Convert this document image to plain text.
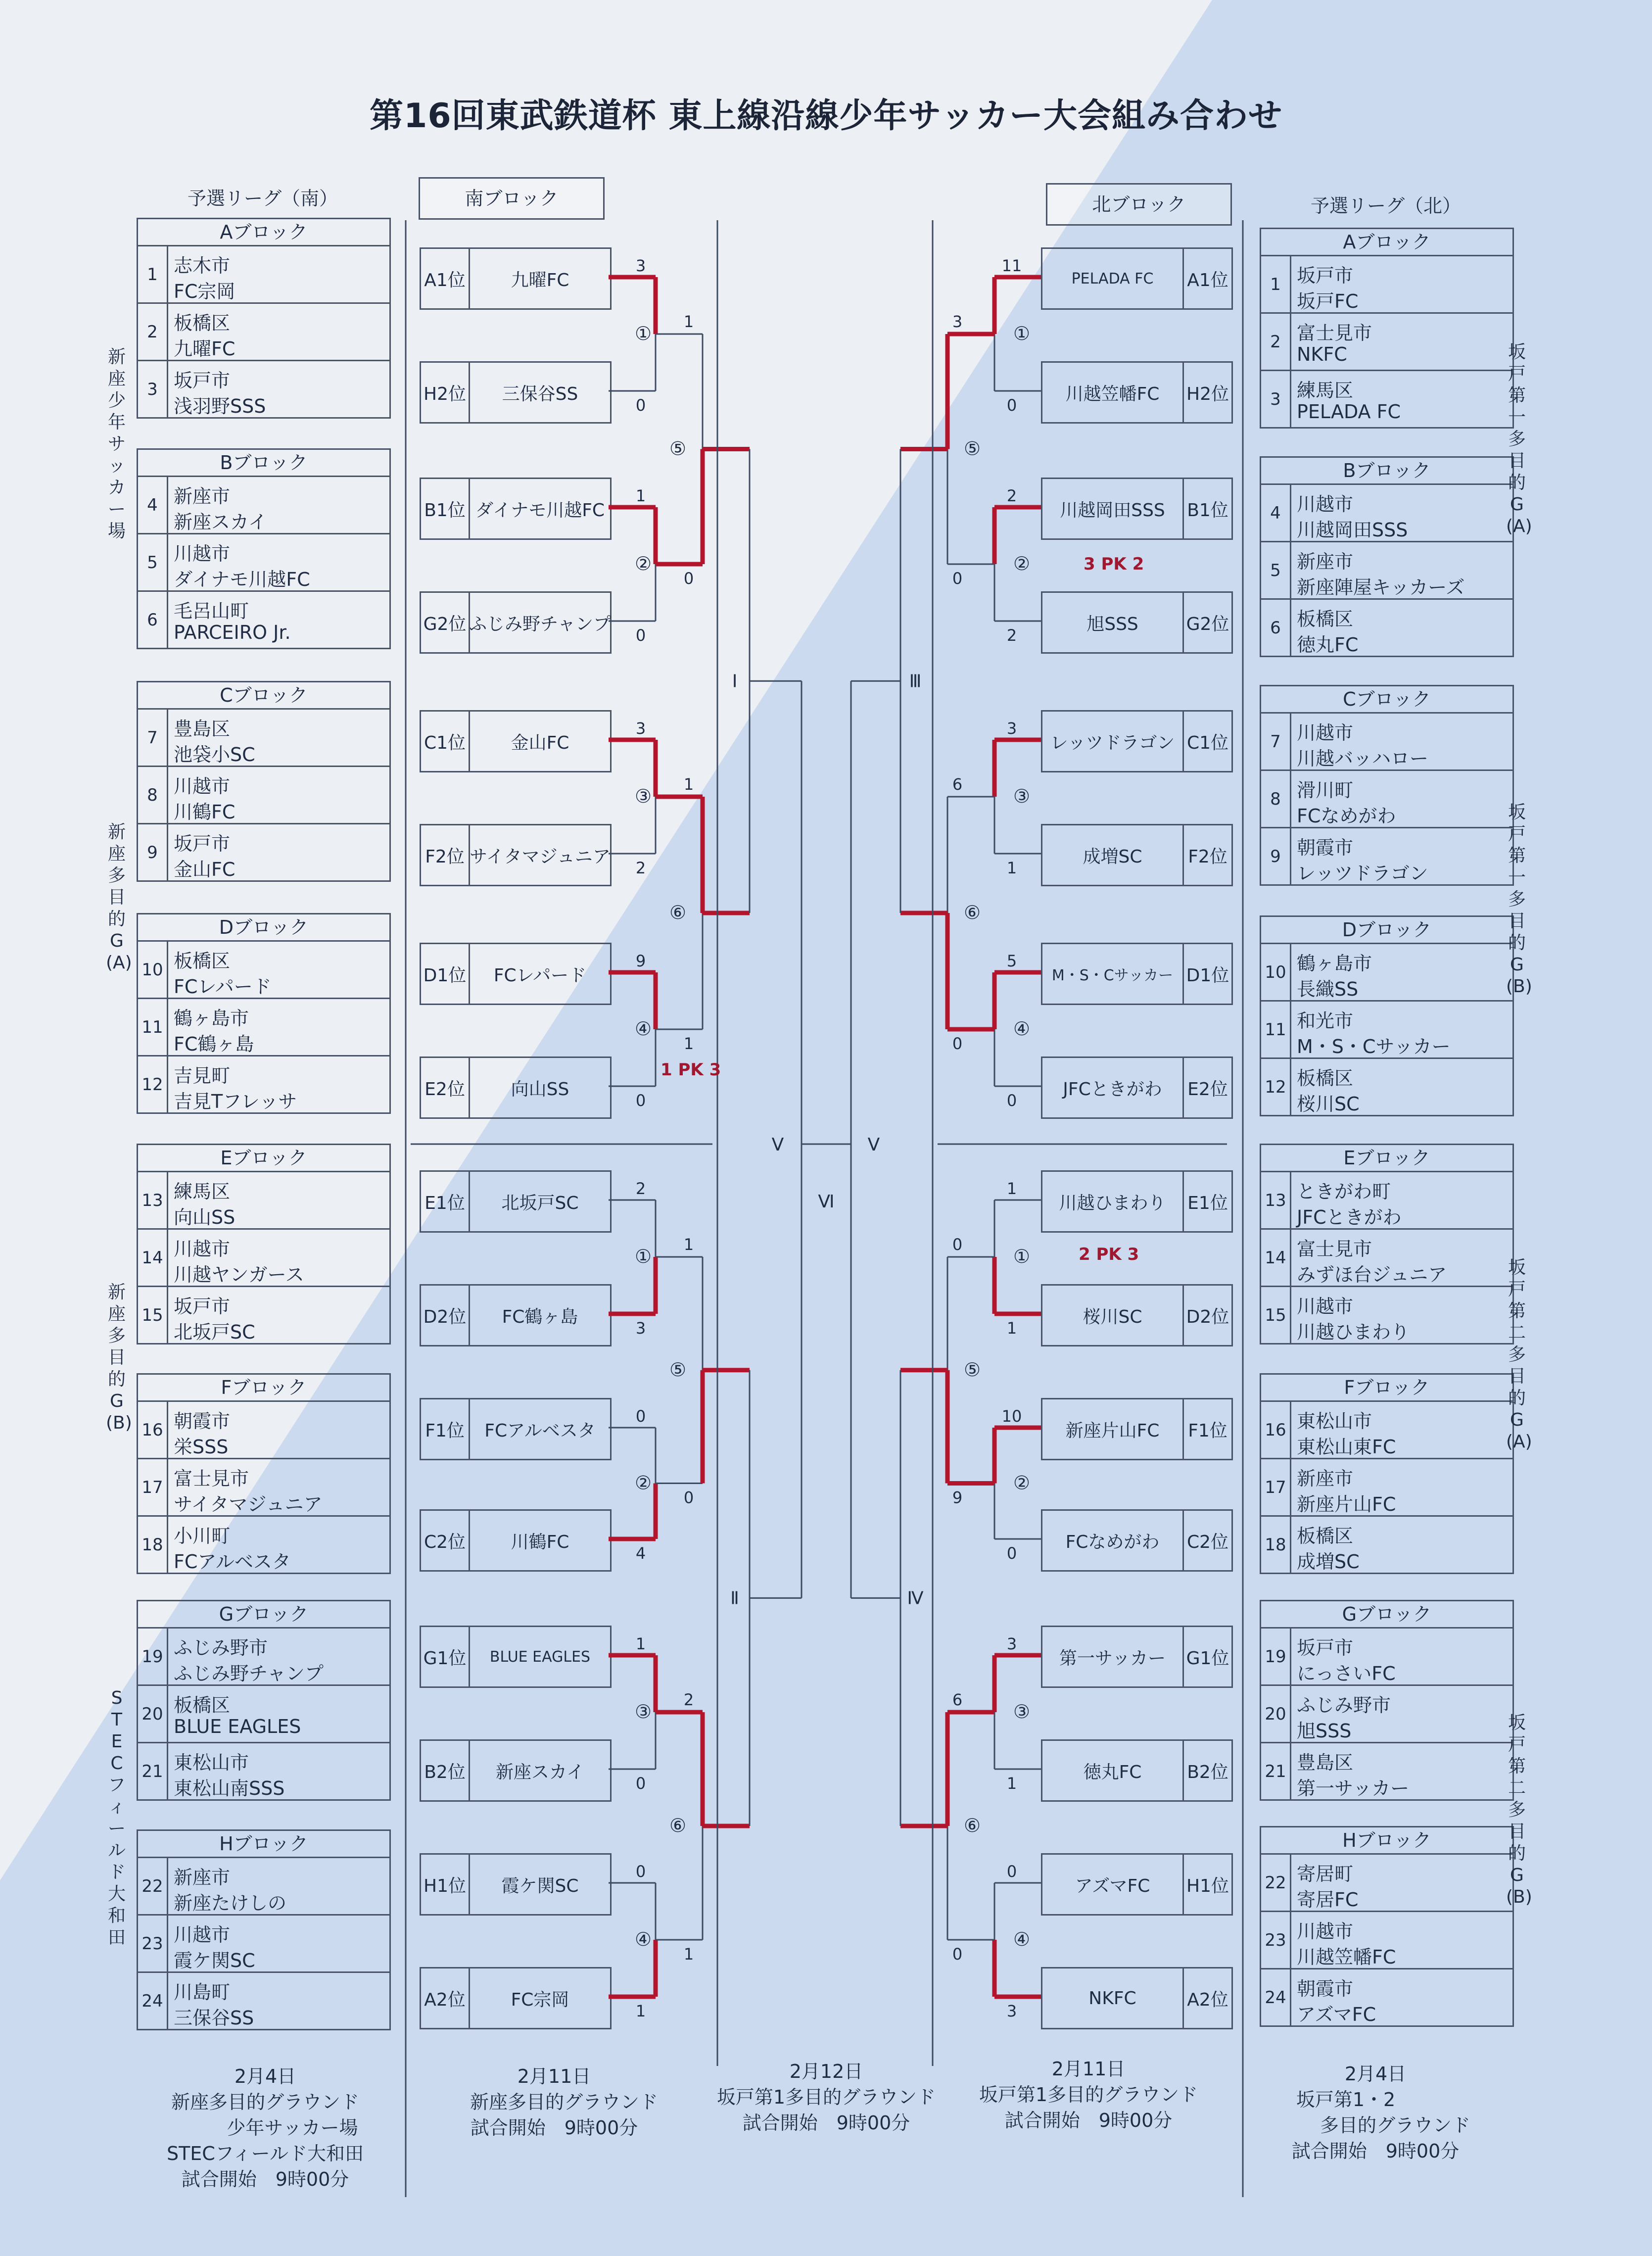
第16回東武鉄道杯 東上線沿線少年サッカー大会組み合わせ
予選リーグ（南）	南ブロック	北ブロック	予選リーグ（北）
Aブロック
1 志木市
FC宗岡
2 板橋区
九曜FC
3 坂戸市
浅羽野SSS
Bブロック
4 新座市
新座スカイ
5 川越市
ダイナモ川越FC
6 毛呂山町
PARCEIRO Jr.
Cブロック
7 豊島区
池袋小SC
8 川越市
川鶴FC
9 坂戸市
金山FC
Dブロック
10 板橋区
FCレパード
11 鶴ヶ島市
FC鶴ヶ島
12 吉見町
吉見Tフレッサ
Eブロック
13 練馬区
向山SS
14 川越市
川越ヤンガース
15 坂戸市
北坂戸SC
Fブロック
16 朝霞市
栄SSS
17 富士見市
サイタマジュニア
18 小川町
FCアルベスタ
Gブロック
19 ふじみ野市
ふじみ野チャンプ
20 板橋区
BLUE EAGLES
21 東松山市
東松山南SSS
Hブロック
22 新座市
新座たけしの
23 川越市
霞ケ関SC
24 川島町
三保谷SS
Aブロック
1 坂戸市
坂戸FC
2 富士見市
NKFC
3 練馬区
PELADA FC
Bブロック
4 川越市
川越岡田SSS
5 新座市
新座陣屋キッカーズ
6 板橋区
徳丸FC
Cブロック
7 川越市
川越バッハロー
8 滑川町
FCなめがわ
9 朝霞市
レッツドラゴン
Dブロック
10 鶴ヶ島市
長織SS
11 和光市
M・S・Cサッカー
12 板橋区
桜川SC
Eブロック
13 ときがわ町
JFCときがわ
14 富士見市
みずほ台ジュニア
15 川越市
川越ひまわり
Fブロック
16 東松山市
東松山東FC
17 新座市
新座片山FC
18 板橋区
成増SC
Gブロック
19 坂戸市
にっさいFC
20 ふじみ野市
旭SSS
21 豊島区
第一サッカー
Hブロック
22 寄居町
寄居FC
23 川越市
川越笠幡FC
24 朝霞市
アズマFC
新座少年サッカー場
新座多目的G(A)
新座多目的G(B)
STECフィールド大和田
坂戸第一多目的G(A)
坂戸第一多目的G(B)
坂戸第二多目的G(A)
坂戸第二多目的G(B)
A1位	九曜FC
H2位	三保谷SS
B1位 ダイナモ川越FC
G2位 ふじみ野チャンプ
C1位	金山FC
F2位 サイタマジュニア
D1位	FCレパード
E2位	向山SS
E1位	北坂戸SC
D2位	FC鶴ヶ島
F1位	FCアルベスタ
C2位	川鶴FC
G1位	BLUE EAGLES
B2位	新座スカイ
H1位	霞ケ関SC
A2位	FC宗岡
A1位
PELADA FC
H2位
川越笠幡FC
B1位
川越岡田SSS
G2位
旭SSS
C1位
レッツドラゴン
F2位
成増SC
D1位
M・S・Cサッカー
E2位
JFCときがわ
E1位
川越ひまわり
D2位
桜川SC
F1位
新座片山FC
C2位
FCなめがわ
G1位
第一サッカー
B2位
徳丸FC
H1位
アズマFC
A2位
NKFC
①
3
0
②
1
0
③
3
2
④
9
0
①
2
3
②
0
4
③
1
0
④
0
1
⑤
1
0
⑥
1
1
⑤
1
0
⑥
2
1
Ⅰ
Ⅱ
①
11
0
②
2
2
③
3
1
④
5
0
①
1
1
②
10
0
③
3
1
④
0
3
⑤
3
0
⑥
6
0
⑤
0
9
⑥
6
0
Ⅲ
Ⅳ
Ⅴ	Ⅴ
Ⅵ
1 PK 3
3 PK 2
2 PK 3
2月4日
新座多目的グラウンド
少年サッカー場
STECフィールド大和田
試合開始　9時00分
2月11日
新座多目的グラウンド
試合開始　9時00分
2月12日
坂戸第1多目的グラウンド
試合開始　9時00分
2月11日
坂戸第1多目的グラウンド
試合開始　9時00分
2月4日
坂戸第1・2
多目的グラウンド
試合開始　9時00分
